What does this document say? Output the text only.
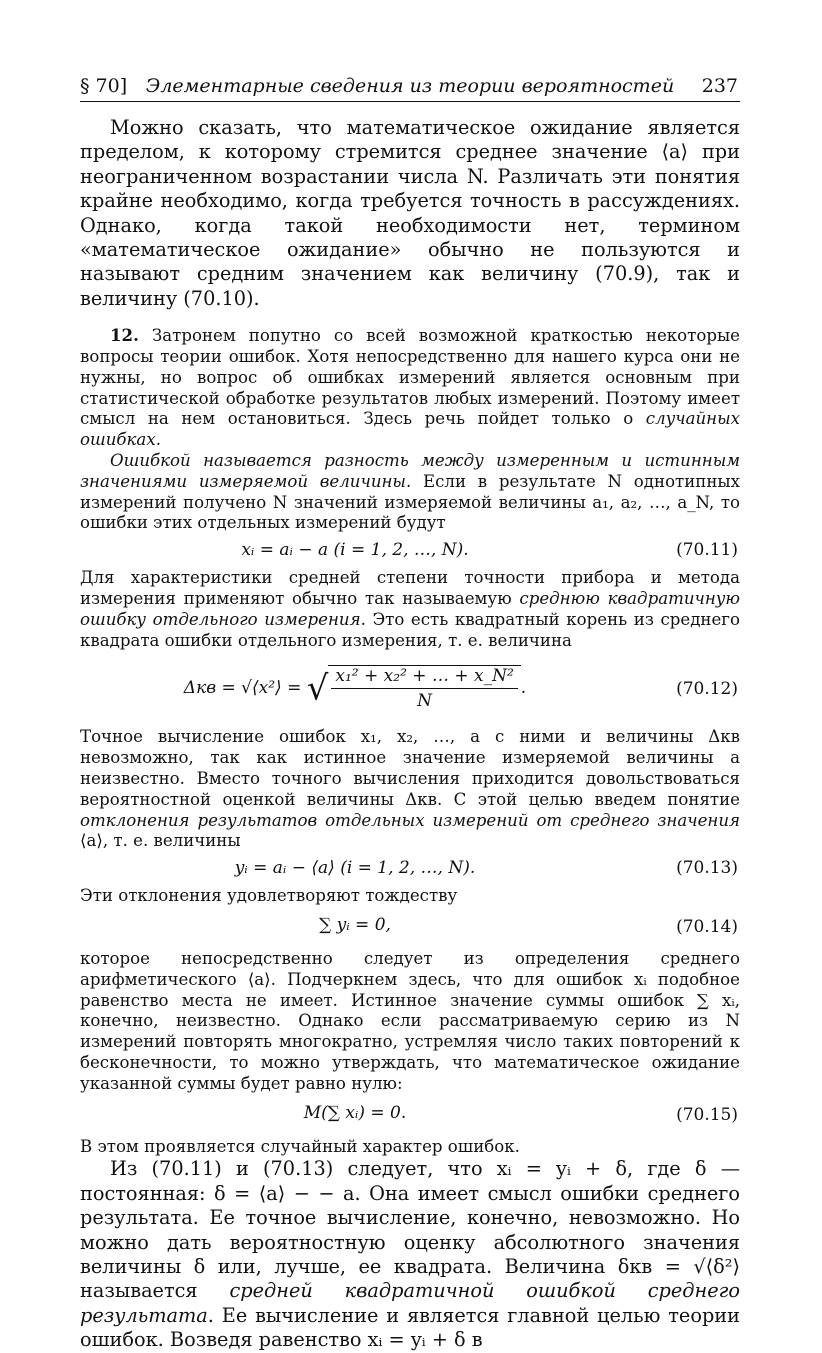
§ 70] Элементарные сведения из теории вероятностей	237

Можно сказать, что математическое ожидание является пределом, к которому стремится среднее значение ⟨a⟩ при неограниченном возрастании числа N. Различать эти понятия крайне необходимо, когда требуется точность в рассуждениях. Однако, когда такой необходимости нет, термином «математическое ожидание» обычно не пользуются и называют средним значением как величину (70.9), так и величину (70.10).

12. Затронем попутно со всей возможной краткостью некоторые вопросы теории ошибок. Хотя непосредственно для нашего курса они не нужны, но вопрос об ошибках измерений является основным при статистической обработке результатов любых измерений. Поэтому имеет смысл на нем остановиться. Здесь речь пойдет только о случайных ошибках.

Ошибкой называется разность между измеренным и истинным значениями измеряемой величины. Если в результате N однотипных измерений получено N значений измеряемой величины a₁, a₂, …, a_N, то ошибки этих отдельных измерений будут

xᵢ = aᵢ − a (i = 1, 2, …, N).	(70.11)

Для характеристики средней степени точности прибора и метода измерения применяют обычно так называемую среднюю квадратичную ошибку отдельного измерения. Это есть квадратный корень из среднего квадрата ошибки отдельного измерения, т. е. величина

Δкв = √⟨x²⟩ = √ $\frac{\text{x₁² + x₂² + … + x\_N²}}{N}$ .	(70.12)

Точное вычисление ошибок x₁, x₂, …, а с ними и величины Δкв невозможно, так как истинное значение измеряемой величины a неизвестно. Вместо точного вычисления приходится довольствоваться вероятностной оценкой величины Δкв. С этой целью введем понятие отклонения результатов отдельных измерений от среднего значения ⟨a⟩, т. е. величины

yᵢ = aᵢ − ⟨a⟩ (i = 1, 2, …, N).	(70.13)

Эти отклонения удовлетворяют тождеству

∑ yᵢ = 0,	(70.14)

которое непосредственно следует из определения среднего арифметического ⟨a⟩. Подчеркнем здесь, что для ошибок xᵢ подобное равенство места не имеет. Истинное значение суммы ошибок ∑ xᵢ, конечно, неизвестно. Однако если рассматриваемую серию из N измерений повторять многократно, устремляя число таких повторений к бесконечности, то можно утверждать, что математическое ожидание указанной суммы будет равно нулю:

M(∑ xᵢ) = 0.	(70.15)

В этом проявляется случайный характер ошибок.

Из (70.11) и (70.13) следует, что xᵢ = yᵢ + δ, где δ — постоянная: δ = ⟨a⟩ − − a. Она имеет смысл ошибки среднего результата. Ее точное вычисление, конечно, невозможно. Но можно дать вероятностную оценку абсолютного значения величины δ или, лучше, ее квадрата. Величина δкв = √⟨δ²⟩ называется средней квадратичной ошибкой среднего результата. Ее вычисление и является главной целью теории ошибок. Возведя равенство xᵢ = yᵢ + δ в
